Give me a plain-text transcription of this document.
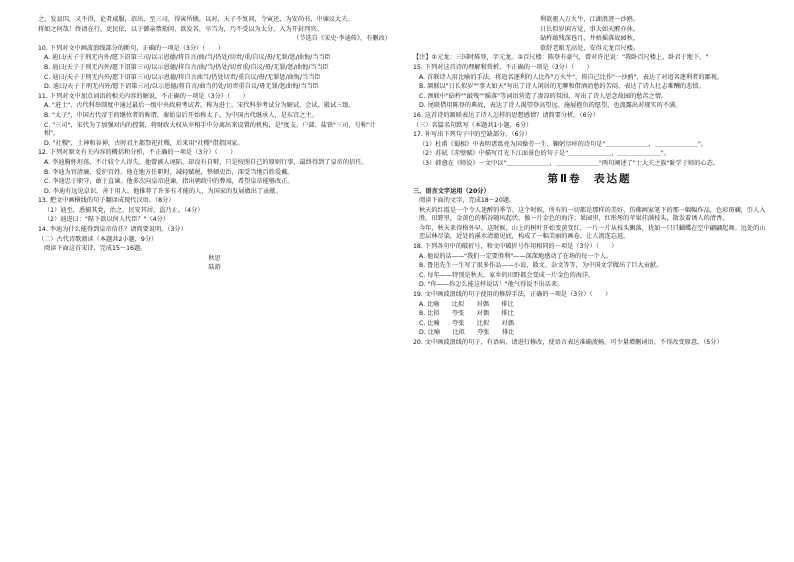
之，发县囚，又不得，论者咸服，诏出，至三司，得寅所擒，以对，天子不复问，令寅还，为安尚书，中谏议大夫。

将如之何哉！终请在行。吏民依，以于御亲禁劾问，欲发名，卒当为，乃不受以为太分，入为开封判官。

（节选自《宋史·李迪传》，有删改）

10. 下列对文中画波浪线部分的断句，正确的一项是（3分）（　　）

A. 迪曰/天子于刑无内外/愿下诏第三司/以示恩德/将自言/曲/当/仍处/切责/重/自议/毋/无罪/惩/曲悔/当当臣

B. 迪曰/天子于刑无内外/愿下诏第三司/以示恩德/将自言/曲/当/仍处/切责重/自议/毋/无罪/惩/曲悔/当当臣

C. 迪曰/天子于刑无内外/愿下诏第三司/以示恩德/将自言曲当/仍处切责/重自议/毋/无罪惩/曲悔/当当臣

D. 迪曰/天子于刑无内外/愿下诏第三司/以示恩德/将自言/曲当仍处/切责重自议/毋无罪/惩曲悔/当当臣

11. 下列对文中加点词语的相关内容的解说，不正确的一项是（3分）（　　）

A. "进士"，古代科举制度中通过最后一级中央政府考试者，称为进士。宋代科举考试分为解试、会试、殿试三级。

B. "太子"，中国古代帝王的继位者的称谓，秦始皇后开始称太子。为中国古代继承人，是东宫之主。

C. "三司"，宋代为了加强对内的控制，将财政大权从宰相手中分离出来设置的机构，是"度支、户部、盐铁"三司，号称"计相"。

D. "社稷"，土神和谷神，古时君主都祭祀社稷，后来用"社稷"借指国家。

12. 下列对原文有关内容的概括和分析，不正确的一项是（3分）（　　）

A. 李迪胸怀坦荡，不计较个人得失。他曾被人诬陷，却没有自辩，只是按照自己的原则行事，最终得到了皇帝的信任。

B. 李迪为官清廉，爱护百姓。他在地方任职时，减轻赋税，整顿吏治，深受当地百姓爱戴。

C. 李迪忠于职守，敢于直谏。他多次向皇帝进谏，指出朝政中的弊端，希望皇帝能够改正。

D. 李迪有远见卓识，善于用人。他推荐了许多有才能的人，为国家的发展做出了贡献。

13. 把文中画横线的句子翻译成现代汉语。（8分）

（1）迪至，悉捕其党，治之，民安其居，盗乃止。（4分）

（2）迪进曰："陛下欲以何人代臣？"（4分）

14. 李迪为什么能得到皇帝信任？请简要说明。（3分）

（二）古代诗歌阅读（本题共2小题，9分）

阅读下面这首宋诗，完成15～16题。

秋思

陆游

利欲驱人万火牛，江湖浪迹一沙鸥。

日长似岁闲方觉，事大如天醉亦休。

砧杵敲残深巷月，井梧摇落故园秋。

欲舒老眼无高处，安得元龙百尺楼。

【注】①元龙：三国时陈登，字元龙。②百尺楼：陈登有豪气，曾对许汜说："我卧百尺楼上，卧君于地下。"

15. 下列对这首诗的理解和赏析，不正确的一项是（3分）（　　）

A. 首联诗人用比喻的手法，将追名逐利的人比作"万火牛"，将自己比作"一沙鸥"，表达了对追名逐利者的鄙视。

B. 颔联以"日长似岁""事大如天"写出了诗人闲居的无聊和借酒消愁的苦闷，表达了诗人壮志难酬的悲愤。

C. 颈联中"砧杵""敲残""摇落"等词语营造了凄凉的氛围，写出了诗人思念故园的愁苦之情。

D. 尾联借用陈登的典故，表达了诗人渴望登高望远、施展抱负的愿望，也流露出对现实的不满。

16. 这首诗的颔联表达了诗人怎样的思想感情？请简要分析。（6分）

（三）名篇名句默写（本题共1小题，6分）

17. 补写出下列句子中的空缺部分。（6分）

（1）杜甫《蜀相》中表明诸葛亮为国操劳一生、鞠躬尽瘁的诗句是"＿＿＿＿＿＿＿，＿＿＿＿＿＿＿"。

（2）苏轼《赤壁赋》中描写月光下江面景色的句子是"＿＿＿＿＿＿＿，＿＿＿＿＿＿＿"。

（3）韩愈在《师说》一文中以"＿＿＿＿＿＿＿，＿＿＿＿＿＿＿"两句阐述了"士大夫之族"耻学于师的心态。

第Ⅱ卷　表达题

三、语言文字运用（20分）

阅读下面的文字，完成18～20题。

秋天的红霞是一个令人迷醉的季节。这个时候，所有的一切都是那样的美好，仿佛画家笔下的那一幅幅作品，色彩斑斓，引人入胜。田野里，金黄色的稻谷随风起伏，像一片金色的海洋；果园里，红彤彤的苹果挂满枝头，散发着诱人的清香。

今年，秋天来得格外早。这时候，山上的树叶开始变黄变红，一片一片从枝头飘落，犹如一只只蝴蝶在空中翩翩起舞。远处的山峦层林尽染，近处的溪水清澈见底，构成了一幅美丽的画卷，让人流连忘返。

18. 下列各句中的破折号，和文中破折号作用相同的一项是（3分）（　　）

A. 他说的话——"我们一定要胜利"——深深地感动了在场的每一个人。

B. 鲁迅先生一生写了很多作品——小说、散文、杂文等等，为中国文学做出了巨大贡献。

C. 每年——特别是秋天，家乡的田野都会变成一片金色的海洋。

D. "你——你怎么能这样说话！"他气得说不出话来。

19. 文中画波浪线的句子使用的修辞手法，正确的一项是（3分）（　　）

A. 比喻　　比拟　　对偶　　排比

B. 比拟　　夸张　　对偶　　排比

C. 比喻　　夸张　　比拟　　对偶

D. 比喻　　比拟　　夸张　　排比

20. 文中画波浪线的句子，有语病，请进行修改，使语言表达准确流畅。可少量增删词语，不得改变原意。（5分）
